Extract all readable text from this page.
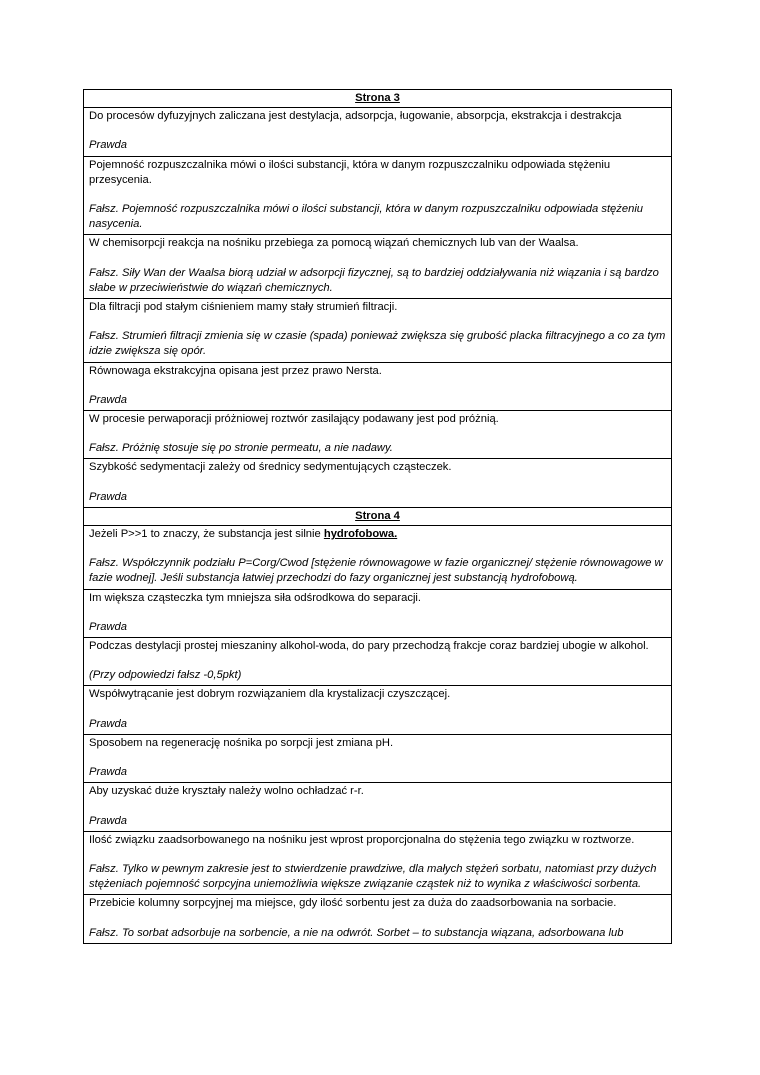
Strona 3
Do procesów dyfuzyjnych zaliczana jest destylacja, adsorpcja, ługowanie, absorpcja, ekstrakcja i destrakcja
Prawda
Pojemność rozpuszczalnika mówi o ilości substancji, która w danym rozpuszczalniku odpowiada stężeniu przesycenia.
Fałsz. Pojemność rozpuszczalnika mówi o ilości substancji, która w danym rozpuszczalniku odpowiada stężeniu nasycenia.
W chemisorpcji reakcja na nośniku przebiega za pomocą wiązań chemicznych lub van der Waalsa.
Fałsz. Siły Wan der Waalsa biorą udział w adsorpcji fizycznej, są to bardziej oddziaływania niż wiązania i są bardzo słabe w przeciwieństwie do wiązań chemicznych.
Dla filtracji pod stałym ciśnieniem mamy stały strumień filtracji.
Fałsz. Strumień filtracji zmienia się w czasie (spada) ponieważ zwiększa się grubość placka filtracyjnego a co za tym idzie zwiększa się opór.
Równowaga ekstrakcyjna opisana jest przez prawo Nersta.
Prawda
W procesie perwaporacji próżniowej roztwór zasilający podawany jest pod próżnią.
Fałsz. Próżnię stosuje się po stronie permeatu, a nie nadawy.
Szybkość sedymentacji zależy od średnicy sedymentujących cząsteczek.
Prawda
Strona 4
Jeżeli P>>1 to znaczy, że substancja jest silnie hydrofobowa.
Fałsz. Współczynnik podziału P=Corg/Cwod [stężenie równowagowe w fazie organicznej/ stężenie równowagowe w fazie wodnej]. Jeśli substancja łatwiej przechodzi do fazy organicznej jest substancją hydrofobową.
Im większa cząsteczka tym mniejsza siła odśrodkowa do separacji.
Prawda
Podczas destylacji prostej mieszaniny alkohol-woda, do pary przechodzą frakcje coraz bardziej ubogie w alkohol.
(Przy odpowiedzi fałsz -0,5pkt)
Współwytrącanie jest dobrym rozwiązaniem dla krystalizacji czyszczącej.
Prawda
Sposobem na regenerację nośnika po sorpcji jest zmiana pH.
Prawda
Aby uzyskać duże kryształy należy wolno ochładzać r-r.
Prawda
Ilość związku zaadsorbowanego na nośniku jest wprost proporcjonalna do stężenia tego związku w roztworze.
Fałsz. Tylko w pewnym zakresie jest to stwierdzenie prawdziwe, dla małych stężeń sorbatu, natomiast przy dużych stężeniach pojemność sorpcyjna uniemożliwia większe związanie cząstek niż to wynika z właściwości sorbenta.
Przebicie kolumny sorpcyjnej ma miejsce, gdy ilość sorbentu jest za duża do zaadsorbowania na sorbacie.
Fałsz. To sorbat adsorbuje na sorbencie, a nie na odwrót. Sorbet – to substancja wiązana, adsorbowana lub
